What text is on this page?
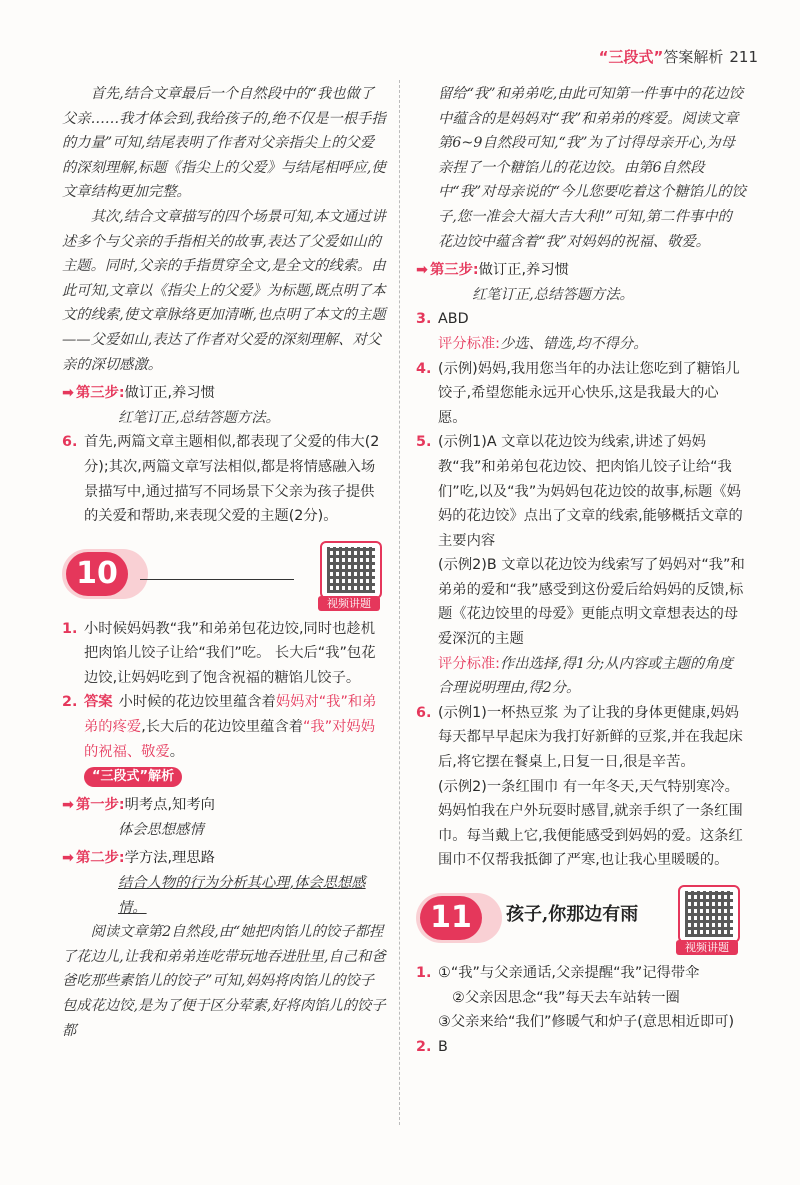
“三段式”答案解析 211

首先,结合文章最后一个自然段中的“我也做了父亲……我才体会到,我给孩子的,绝不仅是一根手指的力量”可知,结尾表明了作者对父亲指尖上的父爱的深刻理解,标题《指尖上的父爱》与结尾相呼应,使文章结构更加完整。

其次,结合文章描写的四个场景可知,本文通过讲述多个与父亲的手指相关的故事,表达了父爱如山的主题。同时,父亲的手指贯穿全文,是全文的线索。由此可知,文章以《指尖上的父爱》为标题,既点明了本文的线索,使文章脉络更加清晰,也点明了本文的主题——父爱如山,表达了作者对父爱的深刻理解、对父亲的深切感激。

➡ 第三步:做订正,养习惯

红笔订正,总结答题方法。

6. 首先,两篇文章主题相似,都表现了父爱的伟大(2分);其次,两篇文章写法相似,都是将情感融入场景描写中,通过描写不同场景下父亲为孩子提供的关爱和帮助,来表现父爱的主题(2分)。

10
视频讲题

1. 小时候妈妈教“我”和弟弟包花边饺,同时也趁机把肉馅儿饺子让给“我们”吃。 长大后“我”包花边饺,让妈妈吃到了饱含祝福的糖馅儿饺子。

2. 答案 小时候的花边饺里蕴含着妈妈对“我”和弟弟的疼爱,长大后的花边饺里蕴含着“我”对妈妈的祝福、敬爱。

“三段式”解析

➡ 第一步:明考点,知考向

体会思想感情

➡ 第二步:学方法,理思路

结合人物的行为分析其心理,体会思想感情。

阅读文章第2自然段,由“她把肉馅儿的饺子都捏了花边儿,让我和弟弟连吃带玩地吞进肚里,自己和爸爸吃那些素馅儿的饺子”可知,妈妈将肉馅儿的饺子包成花边饺,是为了便于区分荤素,好将肉馅儿的饺子都

留给“我”和弟弟吃,由此可知第一件事中的花边饺中蕴含的是妈妈对“我”和弟弟的疼爱。阅读文章第6~9自然段可知,“我”为了讨得母亲开心,为母亲捏了一个糖馅儿的花边饺。由第6自然段中“我”对母亲说的“今儿您要吃着这个糖馅儿的饺子,您一准会大福大吉大利!”可知,第二件事中的花边饺中蕴含着“我”对妈妈的祝福、敬爱。

➡ 第三步:做订正,养习惯

红笔订正,总结答题方法。

3. ABD

评分标准:少选、错选,均不得分。

4. (示例)妈妈,我用您当年的办法让您吃到了糖馅儿饺子,希望您能永远开心快乐,这是我最大的心愿。

5. (示例1)A 文章以花边饺为线索,讲述了妈妈教“我”和弟弟包花边饺、把肉馅儿饺子让给“我们”吃,以及“我”为妈妈包花边饺的故事,标题《妈妈的花边饺》点出了文章的线索,能够概括文章的主要内容

(示例2)B 文章以花边饺为线索写了妈妈对“我”和弟弟的爱和“我”感受到这份爱后给妈妈的反馈,标题《花边饺里的母爱》更能点明文章想表达的母爱深沉的主题

评分标准:作出选择,得1分;从内容或主题的角度合理说明理由,得2分。

6. (示例1)一杯热豆浆 为了让我的身体更健康,妈妈每天都早早起床为我打好新鲜的豆浆,并在我起床后,将它摆在餐桌上,日复一日,很是辛苦。

(示例2)一条红围巾 有一年冬天,天气特别寒冷。妈妈怕我在户外玩耍时感冒,就亲手织了一条红围巾。每当戴上它,我便能感受到妈妈的爱。这条红围巾不仅帮我抵御了严寒,也让我心里暖暖的。

11	孩子,你那边有雨
视频讲题

1. ①“我”与父亲通话,父亲提醒“我”记得带伞

②父亲因思念“我”每天去车站转一圈

③父亲来给“我们”修暖气和炉子(意思相近即可)

2. B
